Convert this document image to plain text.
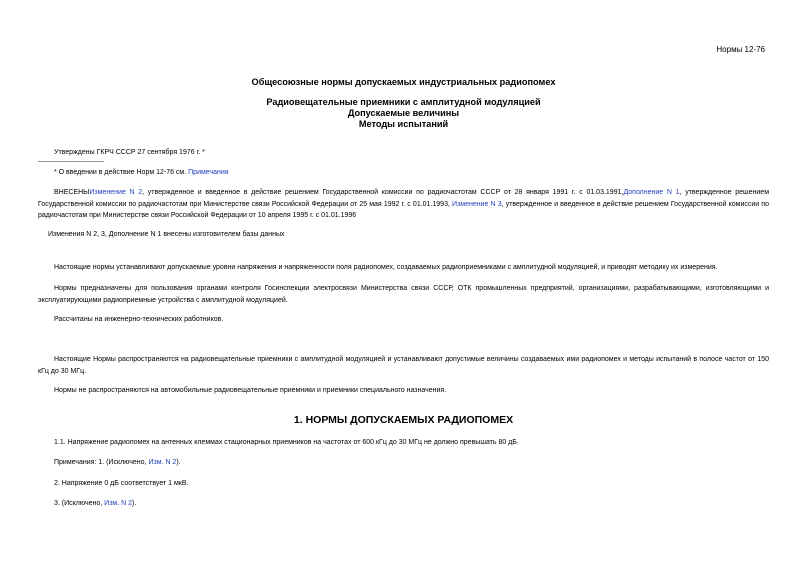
Нормы 12-76
Общесоюзные нормы допускаемых индустриальных радиопомех
Радиовещательные приемники с амплитудной модуляцией
Допускаемые величины
Методы испытаний
Утверждены ГКРЧ СССР 27 сентября 1976 г. *
* О введении в действие Норм 12-76 см. Примечания
ВНЕСЕНЫИзменение N 2, утвержденное и введенное в действие решением Государственной комиссии по радиочастотам СССР от 28 января 1991 г. с 01.03.1991,Дополнение N 1, утвержденное решением Государственной комиссии по радиочастотам при Министерстве связи Российской Федерации от 25 мая 1992 г. с 01.01.1993, Изменение N 3, утвержденное и введенное в действие решением Государственной комиссии по радиочастотам при Министерстве связи Российской Федерации от 10 апреля 1995 г. с 01.01.1996
Изменения N 2, 3, Дополнение N 1 внесены изготовителем базы данных
Настоящие нормы устанавливают допускаемые уровни напряжения и напряженности поля радиопомех, создаваемых радиоприемниками с амплитудной модуляцией, и приводят методику их измерения.
Нормы предназначены для пользования органами контроля Госинспекции электросвязи Министерства связи СССР, ОТК промышленных предприятий, организациями, разрабатывающими, изготовляющими и эксплуатирующими радиоприемные устройства с амплитудной модуляцией.
Рассчитаны на инженерно-технических работников.
Настоящие Нормы распространяются на радиовещательные приемники с амплитудной модуляцией и устанавливают допустимые величины создаваемых ими радиопомех и методы испытаний в полосе частот от 150 кГц до 30 МГц.
Нормы не распространяются на автомобильные радиовещательные приемники и приемники специального назначения.
1. НОРМЫ ДОПУСКАЕМЫХ РАДИОПОМЕХ
1.1. Напряжение радиопомех на антенных клеммах стационарных приемников на частотах от 600 кГц до 30 МГц не должно превышать 80 дБ.
Примечания: 1. (Исключено, Изм. N 2).
2. Напряжение 0 дБ соответствует 1 мкВ.
3. (Исключено, Изм. N 2).
